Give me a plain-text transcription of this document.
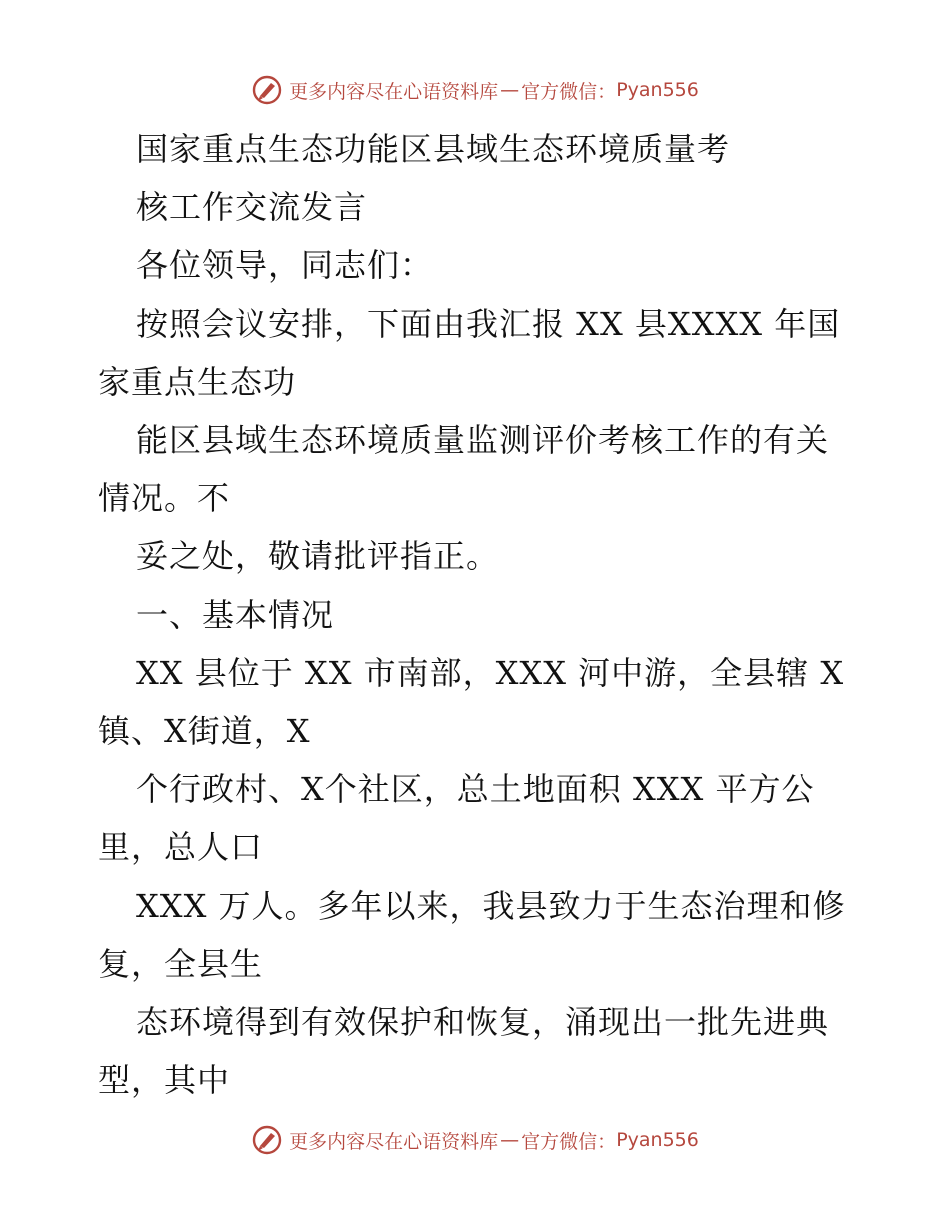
更多内容尽在心语资料库 — 官方微信： Pyan556

国家重点生态功能区县域生态环境质量考

核工作交流发言

各位领导，同志们：

按照会议安排，下面由我汇报 XX 县XXXX 年国

家重点生态功

能区县域生态环境质量监测评价考核工作的有关

情况。不

妥之处，敬请批评指正。

一、基本情况

XX 县位于 XX 市南部，XXX 河中游，全县辖 X

镇、X街道，X

个行政村、X个社区，总土地面积 XXX 平方公

里，总人口

XXX 万人。多年以来，我县致力于生态治理和修

复，全县生

态环境得到有效保护和恢复，涌现出一批先进典

型，其中

更多内容尽在心语资料库 — 官方微信： Pyan556
